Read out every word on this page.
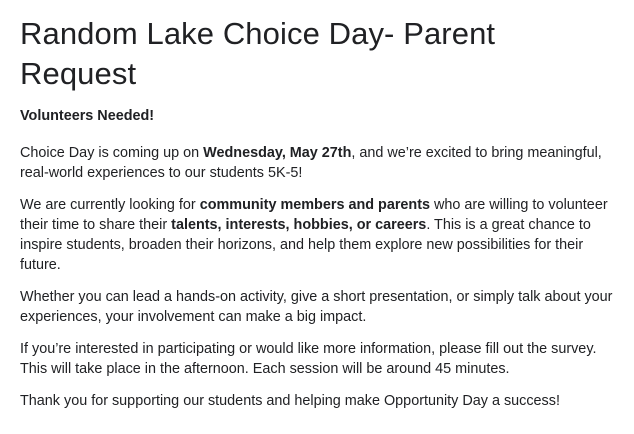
Random Lake Choice Day- Parent Request

Volunteers Needed!

Choice Day is coming up on Wednesday, May 27th, and we’re excited to bring meaningful, real-world experiences to our students 5K-5!

We are currently looking for community members and parents who are willing to volunteer their time to share their talents, interests, hobbies, or careers. This is a great chance to inspire students, broaden their horizons, and help them explore new possibilities for their future.

Whether you can lead a hands-on activity, give a short presentation, or simply talk about your experiences, your involvement can make a big impact.

If you’re interested in participating or would like more information, please fill out the survey. This will take place in the afternoon. Each session will be around 45 minutes.

Thank you for supporting our students and helping make Opportunity Day a success!
